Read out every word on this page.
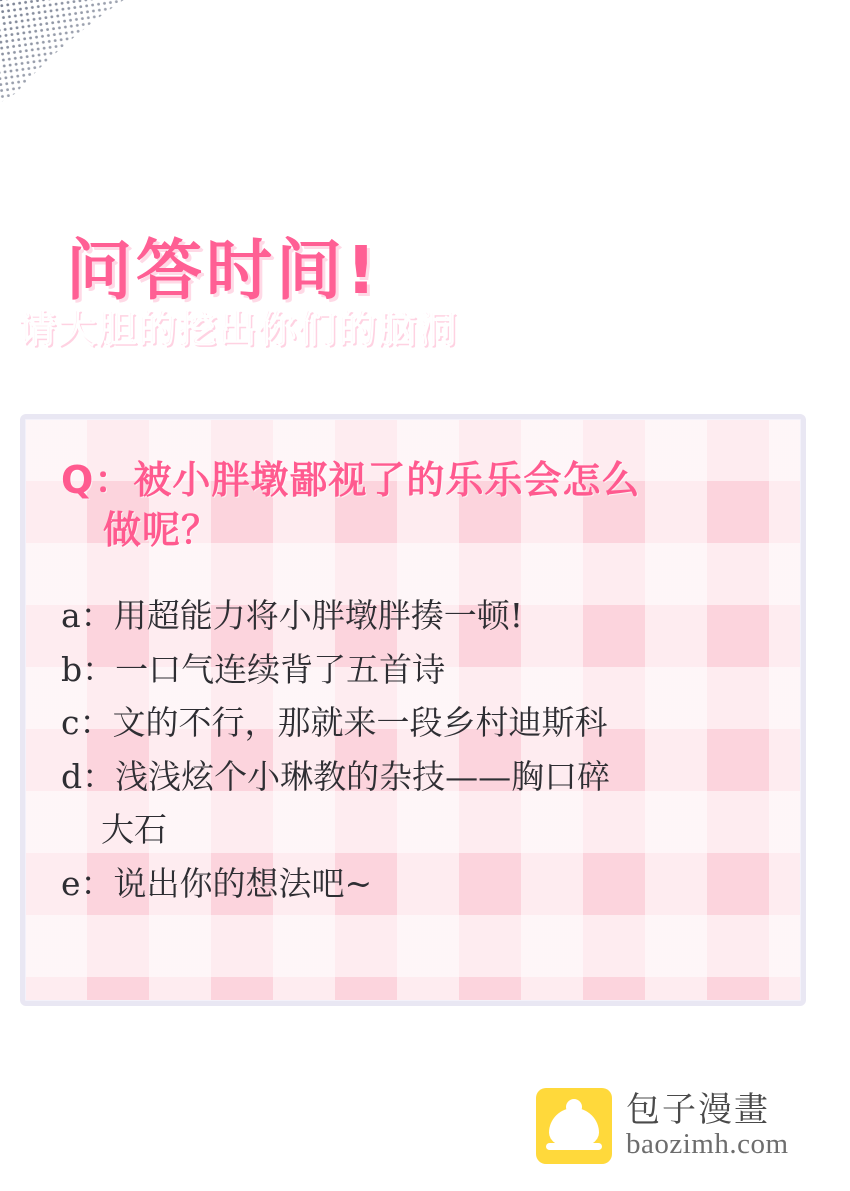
问答时间!
请大胆的挖出你们的脑洞

Q：被小胖墩鄙视了的乐乐会怎么

做呢？

a：用超能力将小胖墩胖揍一顿!

b：一口气连续背了五首诗

c：文的不行，那就来一段乡村迪斯科

d：浅浅炫个小琳教的杂技——胸口碎

大石

e：说出你的想法吧~

包子漫畫
baozimh.com
